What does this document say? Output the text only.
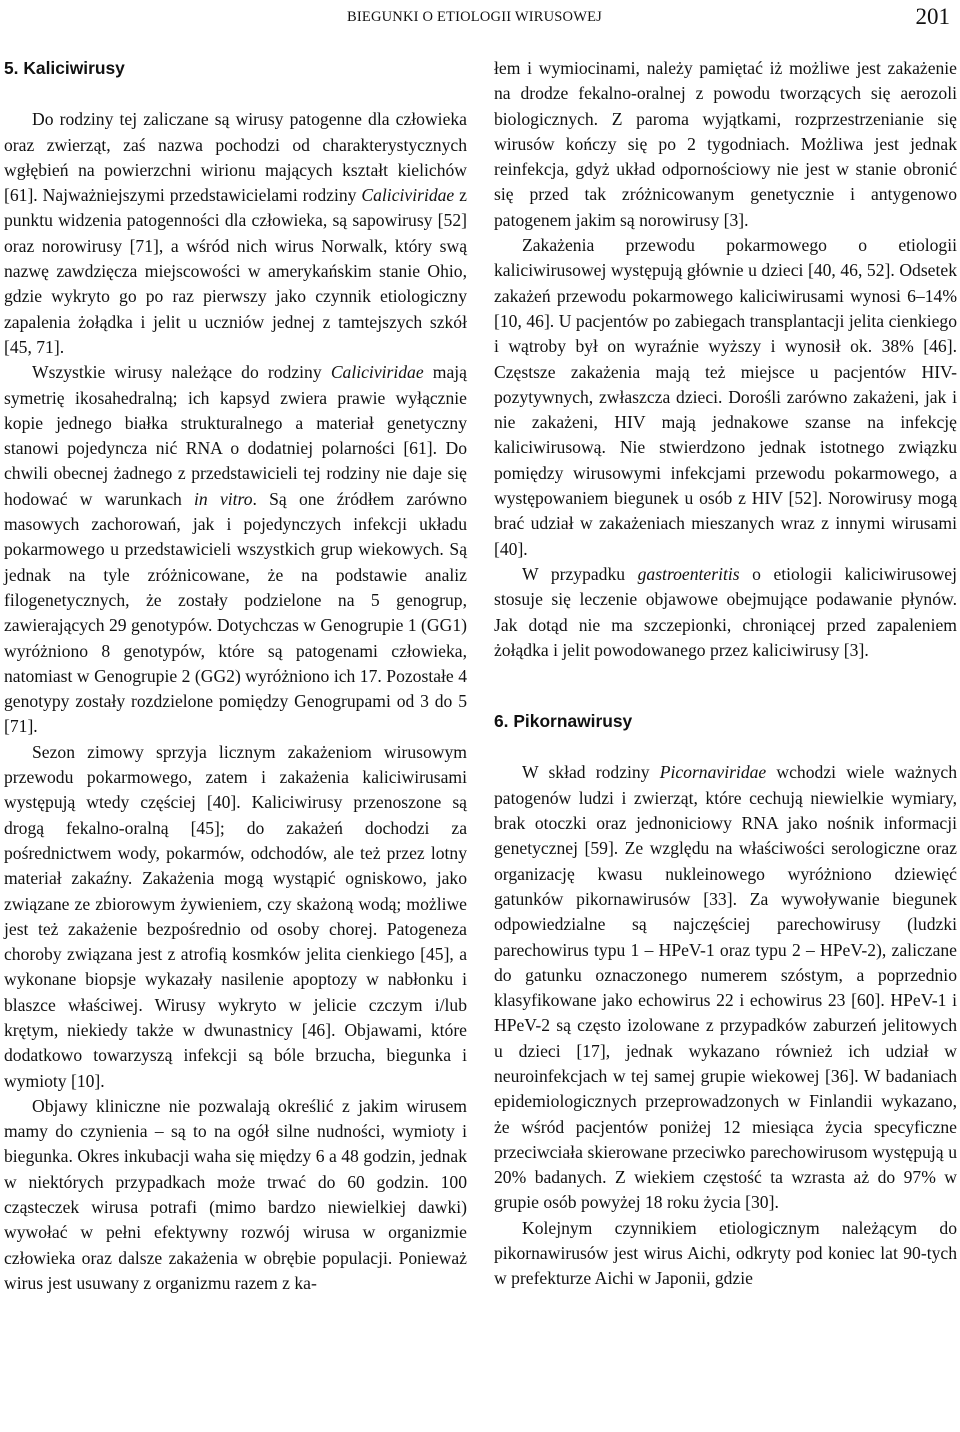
BIEGUNKI O ETIOLOGII WIRUSOWEJ	201

5. Kaliciwirusy

Do rodziny tej zaliczane są wirusy patogenne dla człowieka oraz zwierząt, zaś nazwa pochodzi od charakterystycznych wgłębień na powierzchni wirionu mających kształt kielichów [61]. Najważniejszymi przedstawicielami rodziny Caliciviridae z punktu widzenia patogenności dla człowieka, są sapowirusy [52] oraz norowirusy [71], a wśród nich wirus Norwalk, który swą nazwę zawdzięcza miejscowości w amerykańskim stanie Ohio, gdzie wykryto go po raz pierwszy jako czynnik etiologiczny zapalenia żołądka i jelit u uczniów jednej z tamtejszych szkół [45, 71].

Wszystkie wirusy należące do rodziny Caliciviridae mają symetrię ikosahedralną; ich kapsyd zwiera prawie wyłącznie kopie jednego białka strukturalnego a materiał genetyczny stanowi pojedyncza nić RNA o dodatniej polarności [61]. Do chwili obecnej żadnego z przedstawicieli tej rodziny nie daje się hodować w warunkach in vitro. Są one źródłem zarówno masowych zachorowań, jak i pojedynczych infekcji układu pokarmowego u przedstawicieli wszystkich grup wiekowych. Są jednak na tyle zróżnicowane, że na podstawie analiz filogenetycznych, że zostały podzielone na 5 genogrup, zawierających 29 genotypów. Dotychczas w Genogrupie 1 (GG1) wyróżniono 8 genotypów, które są patogenami człowieka, natomiast w Genogrupie 2 (GG2) wyróżniono ich 17. Pozostałe 4 genotypy zostały rozdzielone pomiędzy Genogrupami od 3 do 5 [71].

Sezon zimowy sprzyja licznym zakażeniom wirusowym przewodu pokarmowego, zatem i zakażenia kaliciwirusami występują wtedy częściej [40]. Kaliciwirusy przenoszone są drogą fekalno-oralną [45]; do zakażeń dochodzi za pośrednictwem wody, pokarmów, odchodów, ale też przez lotny materiał zakaźny. Zakażenia mogą wystąpić ogniskowo, jako związane ze zbiorowym żywieniem, czy skażoną wodą; możliwe jest też zakażenie bezpośrednio od osoby chorej. Patogeneza choroby związana jest z atrofią kosmków jelita cienkiego [45], a wykonane biopsje wykazały nasilenie apoptozy w nabłonku i blaszce właściwej. Wirusy wykryto w jelicie czczym i/lub krętym, niekiedy także w dwunastnicy [46]. Objawami, które dodatkowo towarzyszą infekcji są bóle brzucha, biegunka i wymioty [10].

Objawy kliniczne nie pozwalają określić z jakim wirusem mamy do czynienia – są to na ogół silne nudności, wymioty i biegunka. Okres inkubacji waha się między 6 a 48 godzin, jednak w niektórych przypadkach może trwać do 60 godzin. 100 cząsteczek wirusa potrafi (mimo bardzo niewielkiej dawki) wywołać w pełni efektywny rozwój wirusa w organizmie człowieka oraz dalsze zakażenia w obrębie populacji. Ponieważ wirus jest usuwany z organizmu razem z ka-

łem i wymiocinami, należy pamiętać iż możliwe jest zakażenie na drodze fekalno-oralnej z powodu tworzących się aerozoli biologicznych. Z paroma wyjątkami, rozprzestrzenianie się wirusów kończy się po 2 tygodniach. Możliwa jest jednak reinfekcja, gdyż układ odpornościowy nie jest w stanie obronić się przed tak zróżnicowanym genetycznie i antygenowo patogenem jakim są norowirusy [3].

Zakażenia przewodu pokarmowego o etiologii kaliciwirusowej występują głównie u dzieci [40, 46, 52]. Odsetek zakażeń przewodu pokarmowego kaliciwirusami wynosi 6–14% [10, 46]. U pacjentów po zabiegach transplantacji jelita cienkiego i wątroby był on wyraźnie wyższy i wynosił ok. 38% [46]. Częstsze zakażenia mają też miejsce u pacjentów HIV-pozytywnych, zwłaszcza dzieci. Dorośli zarówno zakażeni, jak i nie zakażeni, HIV mają jednakowe szanse na infekcję kaliciwirusową. Nie stwierdzono jednak istotnego związku pomiędzy wirusowymi infekcjami przewodu pokarmowego, a występowaniem biegunek u osób z HIV [52]. Norowirusy mogą brać udział w zakażeniach mieszanych wraz z innymi wirusami [40].

W przypadku gastroenteritis o etiologii kaliciwirusowej stosuje się leczenie objawowe obejmujące podawanie płynów. Jak dotąd nie ma szczepionki, chroniącej przed zapaleniem żołądka i jelit powodowanego przez kaliciwirusy [3].

6. Pikornawirusy

W skład rodziny Picornaviridae wchodzi wiele ważnych patogenów ludzi i zwierząt, które cechują niewielkie wymiary, brak otoczki oraz jednoniciowy RNA jako nośnik informacji genetycznej [59]. Ze względu na właściwości serologiczne oraz organizację kwasu nukleinowego wyróżniono dziewięć gatunków pikornawirusów [33]. Za wywoływanie biegunek odpowiedzialne są najczęściej parechowirusy (ludzki parechowirus typu 1 – HPeV-1 oraz typu 2 – HPeV-2), zaliczane do gatunku oznaczonego numerem szóstym, a poprzednio klasyfikowane jako echowirus 22 i echowirus 23 [60]. HPeV-1 i HPeV-2 są często izolowane z przypadków zaburzeń jelitowych u dzieci [17], jednak wykazano również ich udział w neuroinfekcjach w tej samej grupie wiekowej [36]. W badaniach epidemiologicznych przeprowadzonych w Finlandii wykazano, że wśród pacjentów poniżej 12 miesiąca życia specyficzne przeciwciała skierowane przeciwko parechowirusom występują u 20% badanych. Z wiekiem częstość ta wzrasta aż do 97% w grupie osób powyżej 18 roku życia [30].

Kolejnym czynnikiem etiologicznym należącym do pikornawirusów jest wirus Aichi, odkryty pod koniec lat 90-tych w prefekturze Aichi w Japonii, gdzie
